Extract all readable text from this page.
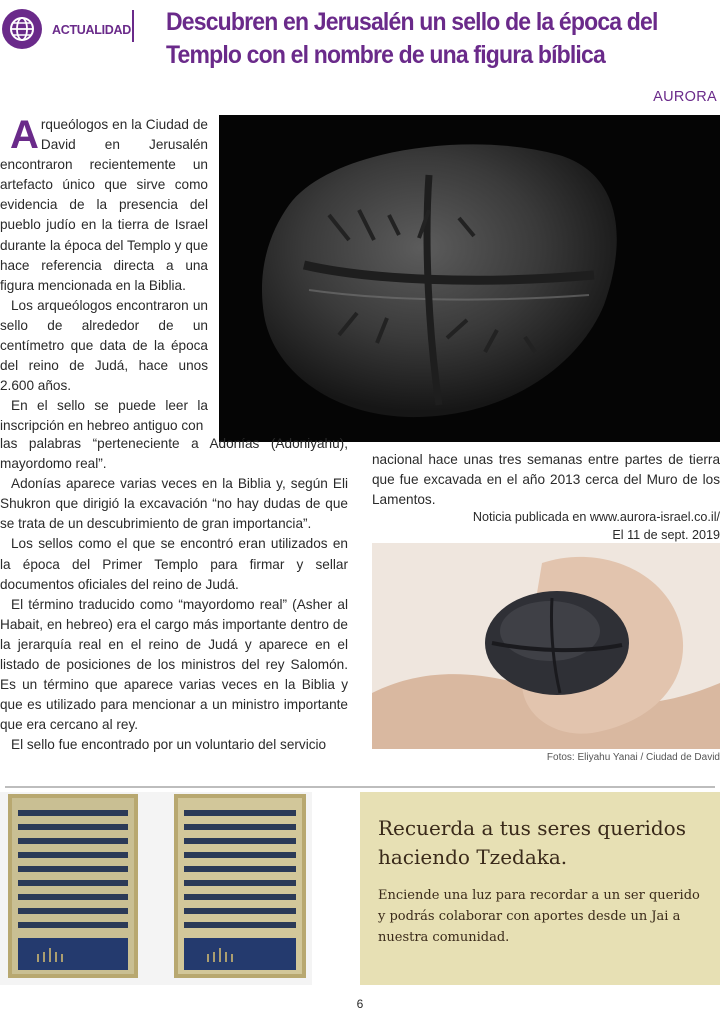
ACTUALIDAD Descubren en Jerusalén un sello de la época del
Templo con el nombre de una figura bíblica
AURORA

Arqueólogos en la Ciudad de David en Jerusalén encontraron recientemente un artefacto único que sirve como evidencia de la presencia del pueblo judío en la tierra de Israel durante la época del Templo y que hace referencia directa a una figura mencionada en la Biblia.

Los arqueólogos encontraron un sello de alrededor de un centímetro que data de la época del reino de Judá, hace unos 2.600 años.

En el sello se puede leer la inscripción en hebreo antiguo con

las palabras “perteneciente a Adonías (Adoniyahu), mayordomo real”.

Adonías aparece varias veces en la Biblia y, según Eli Shukron que dirigió la excavación “no hay dudas de que se trata de un descubrimiento de gran importancia”.

Los sellos como el que se encontró eran utilizados en la época del Primer Templo para firmar y sellar documentos oficiales del reino de Judá.

El término traducido como “mayordomo real” (Asher al Habait, en hebreo) era el cargo más importante dentro de la jerarquía real en el reino de Judá y aparece en el listado de posiciones de los ministros del rey Salomón. Es un término que aparece varias veces en la Biblia y que es utilizado para mencionar a un ministro importante que era cercano al rey.

El sello fue encontrado por un voluntario del servicio

nacional hace unas tres semanas entre partes de tierra que fue excavada en el año 2013 cerca del Muro de los Lamentos.

Noticia publicada en www.aurora-israel.co.il/
El 11 de sept. 2019
Fotos: Eliyahu Yanai / Ciudad de David
Recuerda a tus seres queridos
haciendo Tzedaka.
Enciende una luz para recordar a un ser querido
y podrás colaborar con aportes desde un Jai a
nuestra comunidad.
6
